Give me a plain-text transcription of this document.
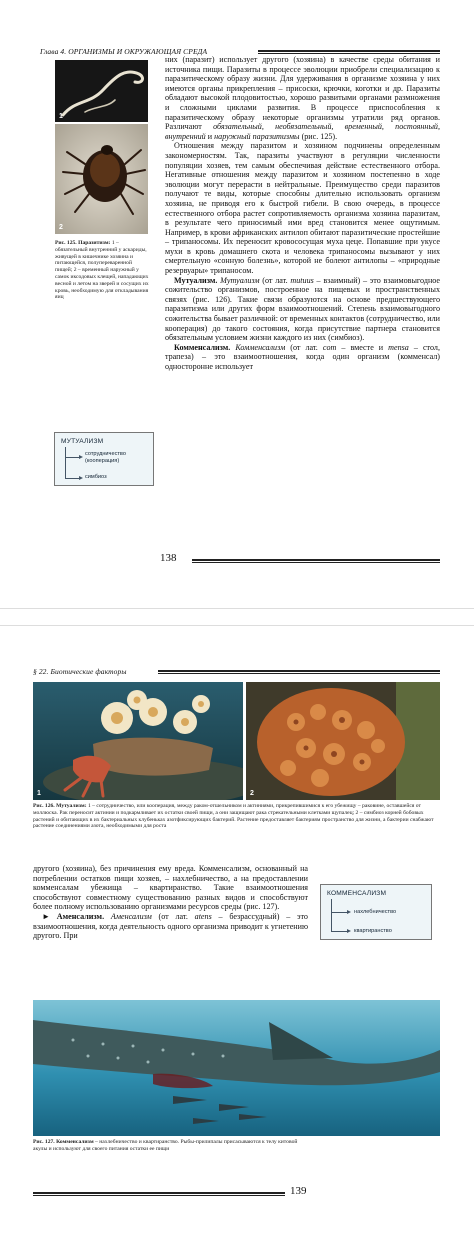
Глава 4. ОРГАНИЗМЫ И ОКРУЖАЮЩАЯ СРЕДА
1
2
Рис. 125. Паразитизм: 1 – обязательный внутренний у аскариды, живущей в кишечнике хозяина и питающейся, полупереваренной пищей; 2 – временный наружный у самок иксодовых клещей, нападающих весной и летом на зверей и сосущих их кровь, необходимую для откладывания яиц
МУТУАЛИЗМ
сотрудничество (кооперация)
симбиоз

них (паразит) использует другого (хозяина) в качестве среды обитания и источника пищи. Паразиты в процессе эволюции приобрели специализацию к паразитическому образу жизни. Для удерживания в организме хозяина у них имеются органы прикрепления – присоски, крючки, коготки и др. Паразиты обладают высокой плодовитостью, хорошо развитыми органами размножения и сложными циклами развития. В процессе приспособления к паразитическому образу некоторые организмы утратили ряд органов. Различают обязательный, необязательный, временный, постоянный, внутренний и наружный паразитизмы (рис. 125).

Отношения между паразитом и хозяином подчинены определенным закономерностям. Так, паразиты участвуют в регуляции численности популяции хозяев, тем самым обеспечивая действие естественного отбора. Негативные отношения между паразитом и хозяином постепенно в ходе эволюции могут перерасти в нейтральные. Преимущество среди паразитов получают те виды, которые способны длительно использовать организм хозяина, не приводя его к быстрой гибели. В свою очередь, в процессе естественного отбора растет сопротивляемость организма хозяина паразитам, в результате чего приносимый ими вред становится менее ощутимым. Например, в крови африканских антилоп обитают паразитические простейшие – трипаносомы. Их переносит кровососущая муха цеце. Попавшие при укусе мухи в кровь домашнего скота и человека трипаносомы вызывают у них смертельную «сонную болезнь», которой не болеют антилопы – «природные резервуары» трипаносом.

Мутуализм. Мутуализм (от лат. mutuus – взаимный) – это взаимовыгодное сожительство организмов, построенное на пищевых и пространственных связях (рис. 126). Такие связи образуются на основе предшествующего паразитизма или других форм взаимоотношений. Степень взаимовыгодного сожительства бывает различной: от временных контактов (сотрудничество, или кооперация) до такого состояния, когда присутствие партнера становится обязательным условием жизни каждого из них (симбиоз).

Комменсализм. Комменсализм (от лат. com – вместе и mensa – стол, трапеза) – это взаимоотношения, когда один организм (комменсал) односторонне использует

138
§ 22. Биотические факторы
1	2
Рис. 126. Мутуализм: 1 – сотрудничество, или кооперация, между раком-отшельником и актиниями, прикрепившимися к его убежищу – раковине, оставшейся от моллюска. Рак переносит актинии и подкармливает их остатки своей пищи, а они защищают рака стрекательными клетками щупалец; 2 – симбиоз корней бобовых растений и обитающих в их бактериальных клубеньках азотфиксирующих бактерий. Растение предоставляет бактериям пространство для жизни, а бактерии снабжают растение соединениями азота, необходимыми для роста

другого (хозяина), без причинения ему вреда. Комменсализм, основанный на потреблении остатков пищи хозяев, – нахлебничество, а на предоставлении комменсалам убежища – квартиранство. Такие взаимоотношения способствуют совместному существованию разных видов и способствуют более полному использованию организмами ресурсов среды (рис. 127).

► Аменсализм. Аменсализм (от лат. atens – безрассудный) – это взаимоотношения, когда деятельность одного организма приводит к угнетению другого. При

КОММЕНСАЛИЗМ
нахлебничество
квартиранство
Рис. 127. Комменсализм – нахлебничество и квартиранство. Рыбы-прилипалы присасываются к телу китовой акулы и используют для своего питания остатки ее пищи
139
